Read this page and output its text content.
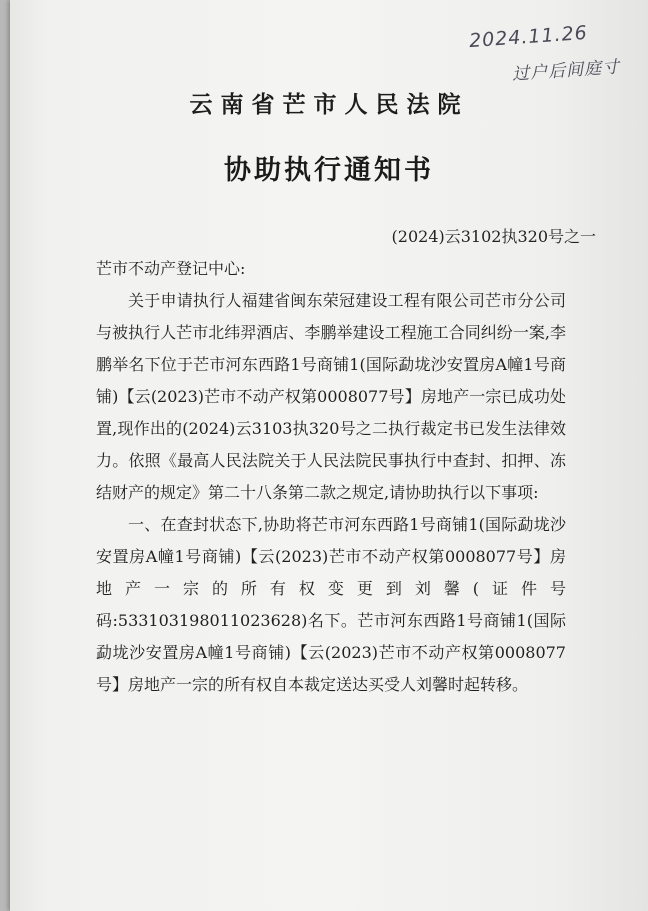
2024.11.26
过户后间庭寸
云南省芒市人民法院
协助执行通知书
(2024)云3102执320号之一

芒市不动产登记中心:

关于申请执行人福建省闽东荣冠建设工程有限公司芒市分公司与被执行人芒市北纬羿酒店、李鹏举建设工程施工合同纠纷一案,李鹏举名下位于芒市河东西路1号商铺1(国际勐垅沙安置房A幢1号商铺)【云(2023)芒市不动产权第0008077号】房地产一宗已成功处置,现作出的(2024)云3103执320号之二执行裁定书已发生法律效力。依照《最高人民法院关于人民法院民事执行中查封、扣押、冻结财产的规定》第二十八条第二款之规定,请协助执行以下事项:

一、在查封状态下,协助将芒市河东西路1号商铺1(国际勐垅沙安置房A幢1号商铺)【云(2023)芒市不动产权第0008077号】房地产一宗的所有权变更到刘馨(证件号码:533103198011023628)名下。芒市河东西路1号商铺1(国际勐垅沙安置房A幢1号商铺)【云(2023)芒市不动产权第0008077号】房地产一宗的所有权自本裁定送达买受人刘馨时起转移。
